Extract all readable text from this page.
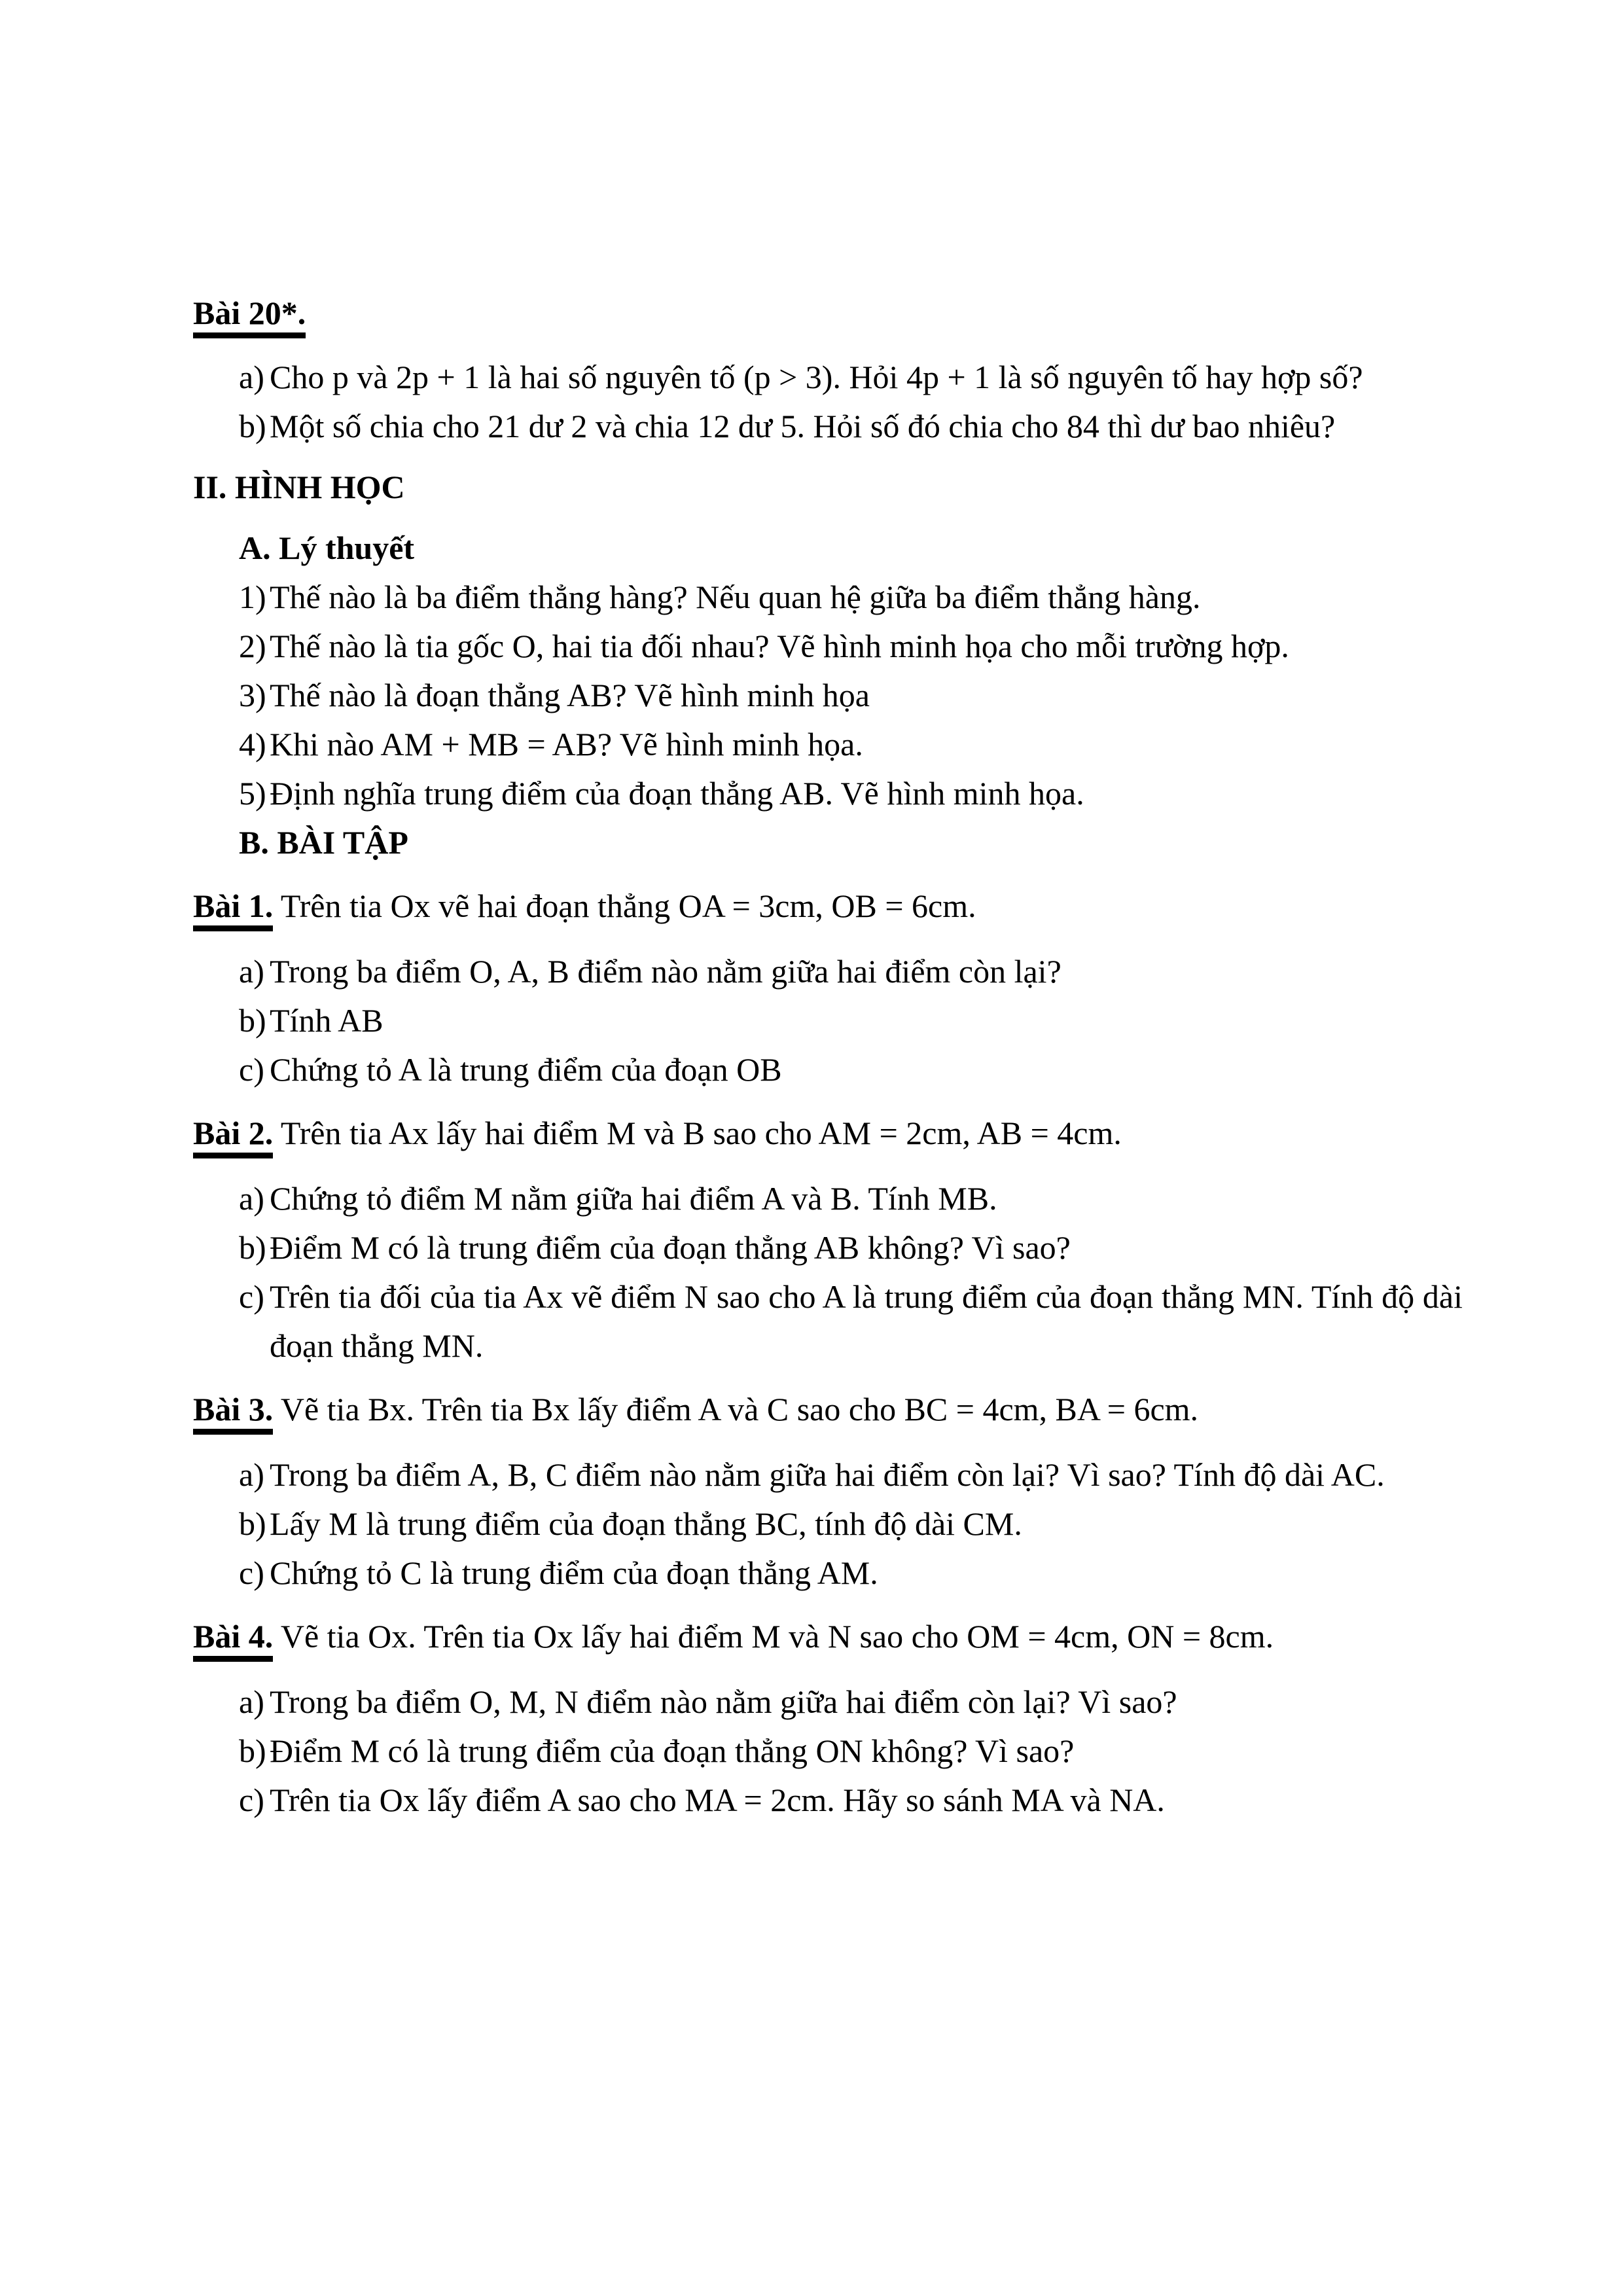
Bài 20*.

a) Cho p và 2p + 1 là hai số nguyên tố (p > 3). Hỏi 4p + 1 là số nguyên tố hay hợp số?
b) Một số chia cho 21 dư 2 và chia 12 dư 5. Hỏi số đó chia cho 84 thì dư bao nhiêu?

II. HÌNH HỌC

A. Lý thuyết

1) Thế nào là ba điểm thẳng hàng? Nếu quan hệ giữa ba điểm thẳng hàng.
2) Thế nào là tia gốc O, hai tia đối nhau? Vẽ hình minh họa cho mỗi trường hợp.
3) Thế nào là đoạn thẳng AB? Vẽ hình minh họa
4) Khi nào AM + MB = AB? Vẽ hình minh họa.
5) Định nghĩa trung điểm của đoạn thẳng AB. Vẽ hình minh họa.

B. BÀI TẬP

Bài 1. Trên tia Ox vẽ hai đoạn thẳng OA = 3cm, OB = 6cm.

a) Trong ba điểm O, A, B điểm nào nằm giữa hai điểm còn lại?
b) Tính AB
c) Chứng tỏ A là trung điểm của đoạn OB

Bài 2. Trên tia Ax lấy hai điểm M và B sao cho AM = 2cm, AB = 4cm.

a) Chứng tỏ điểm M nằm giữa hai điểm A và B. Tính MB.
b) Điểm M có là trung điểm của đoạn thẳng AB không? Vì sao?
c) Trên tia đối của tia Ax vẽ điểm N sao cho A là trung điểm của đoạn thẳng MN. Tính độ dài đoạn thẳng MN.

Bài 3. Vẽ tia Bx. Trên tia Bx lấy điểm A và C sao cho BC = 4cm, BA = 6cm.

a) Trong ba điểm A, B, C điểm nào nằm giữa hai điểm còn lại? Vì sao? Tính độ dài AC.
b) Lấy M là trung điểm của đoạn thẳng BC, tính độ dài CM.
c) Chứng tỏ C là trung điểm của đoạn thẳng AM.

Bài 4. Vẽ tia Ox. Trên tia Ox lấy hai điểm M và N sao cho OM = 4cm, ON = 8cm.

a) Trong ba điểm O, M, N điểm nào nằm giữa hai điểm còn lại? Vì sao?
b) Điểm M có là trung điểm của đoạn thẳng ON không? Vì sao?
c) Trên tia Ox lấy điểm A sao cho MA = 2cm. Hãy so sánh MA và NA.
